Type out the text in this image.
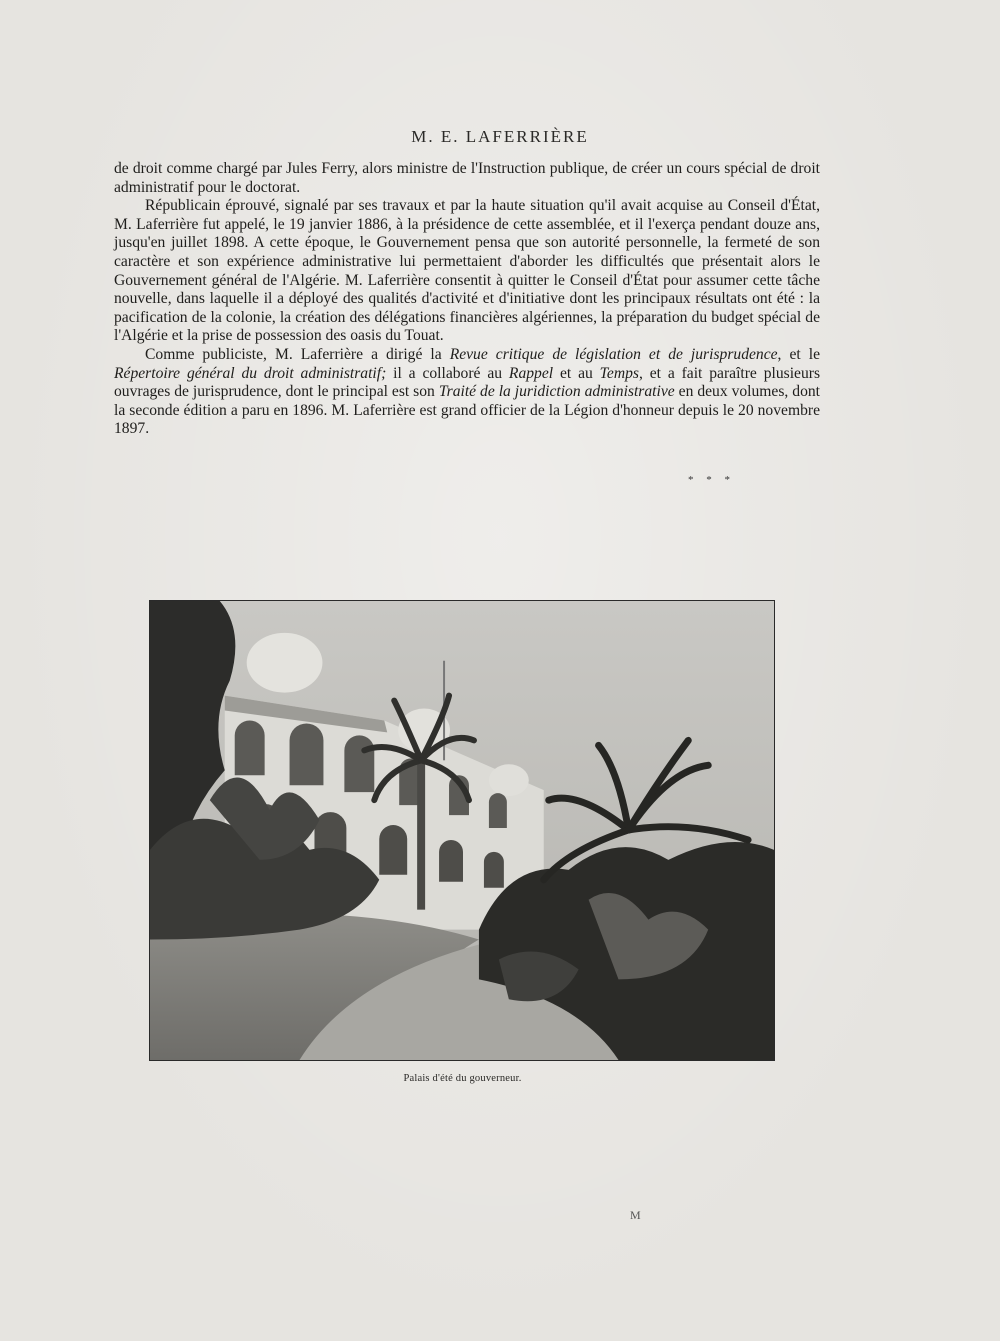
M. E. LAFERRIÈRE

de droit comme chargé par Jules Ferry, alors ministre de l'Instruction publique, de créer un cours spécial de droit administratif pour le doctorat.

Républicain éprouvé, signalé par ses travaux et par la haute situation qu'il avait acquise au Conseil d'État, M. Laferrière fut appelé, le 19 janvier 1886, à la présidence de cette assemblée, et il l'exerça pendant douze ans, jusqu'en juillet 1898. A cette époque, le Gouvernement pensa que son autorité personnelle, la fermeté de son caractère et son expérience administrative lui permettaient d'aborder les difficultés que présentait alors le Gouvernement général de l'Algérie. M. Laferrière consentit à quitter le Conseil d'État pour assumer cette tâche nouvelle, dans laquelle il a déployé des qualités d'activité et d'initiative dont les principaux résultats ont été : la pacification de la colonie, la création des délégations financières algériennes, la préparation du budget spécial de l'Algérie et la prise de possession des oasis du Touat.

Comme publiciste, M. Laferrière a dirigé la Revue critique de législation et de jurisprudence, et le Répertoire général du droit administratif; il a collaboré au Rappel et au Temps, et a fait paraître plusieurs ouvrages de jurisprudence, dont le principal est son Traité de la juridiction administrative en deux volumes, dont la seconde édition a paru en 1896. M. Laferrière est grand officier de la Légion d'honneur depuis le 20 novembre 1897.

* * *
Palais d'été du gouverneur.
M
